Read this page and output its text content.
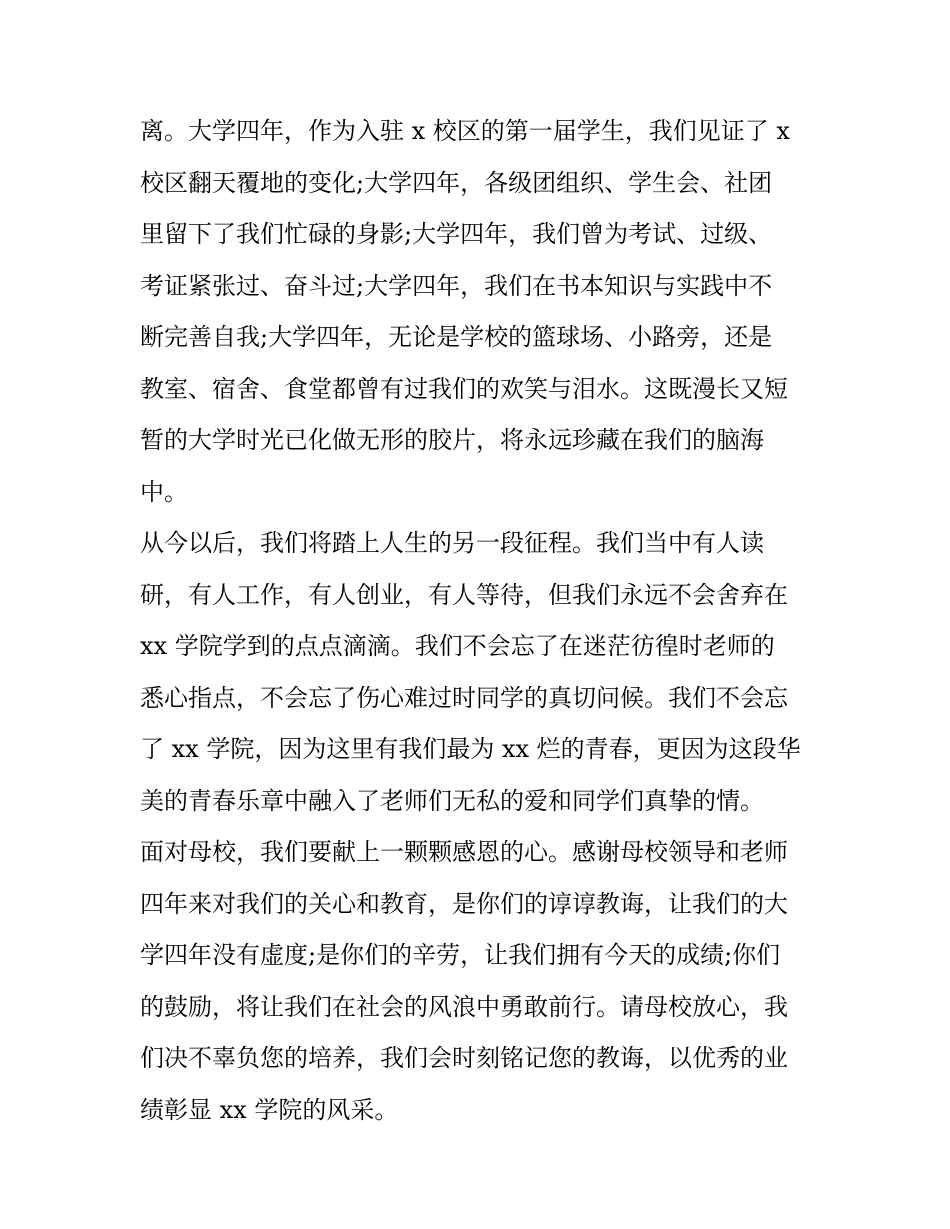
离。大学四年，作为入驻 x 校区的第一届学生，我们见证了 x
校区翻天覆地的变化;大学四年，各级团组织、学生会、社团
里留下了我们忙碌的身影;大学四年，我们曾为考试、过级、
考证紧张过、奋斗过;大学四年，我们在书本知识与实践中不
断完善自我;大学四年，无论是学校的篮球场、小路旁，还是
教室、宿舍、食堂都曾有过我们的欢笑与泪水。这既漫长又短
暂的大学时光已化做无形的胶片，将永远珍藏在我们的脑海
中。
从今以后，我们将踏上人生的另一段征程。我们当中有人读
研，有人工作，有人创业，有人等待，但我们永远不会舍弃在
xx 学院学到的点点滴滴。我们不会忘了在迷茫彷徨时老师的
悉心指点，不会忘了伤心难过时同学的真切问候。我们不会忘
了 xx 学院，因为这里有我们最为 xx 烂的青春，更因为这段华
美的青春乐章中融入了老师们无私的爱和同学们真挚的情。
面对母校，我们要献上一颗颗感恩的心。感谢母校领导和老师
四年来对我们的关心和教育，是你们的谆谆教诲，让我们的大
学四年没有虚度;是你们的辛劳，让我们拥有今天的成绩;你们
的鼓励，将让我们在社会的风浪中勇敢前行。请母校放心，我
们决不辜负您的培养，我们会时刻铭记您的教诲，以优秀的业
绩彰显 xx 学院的风采。
